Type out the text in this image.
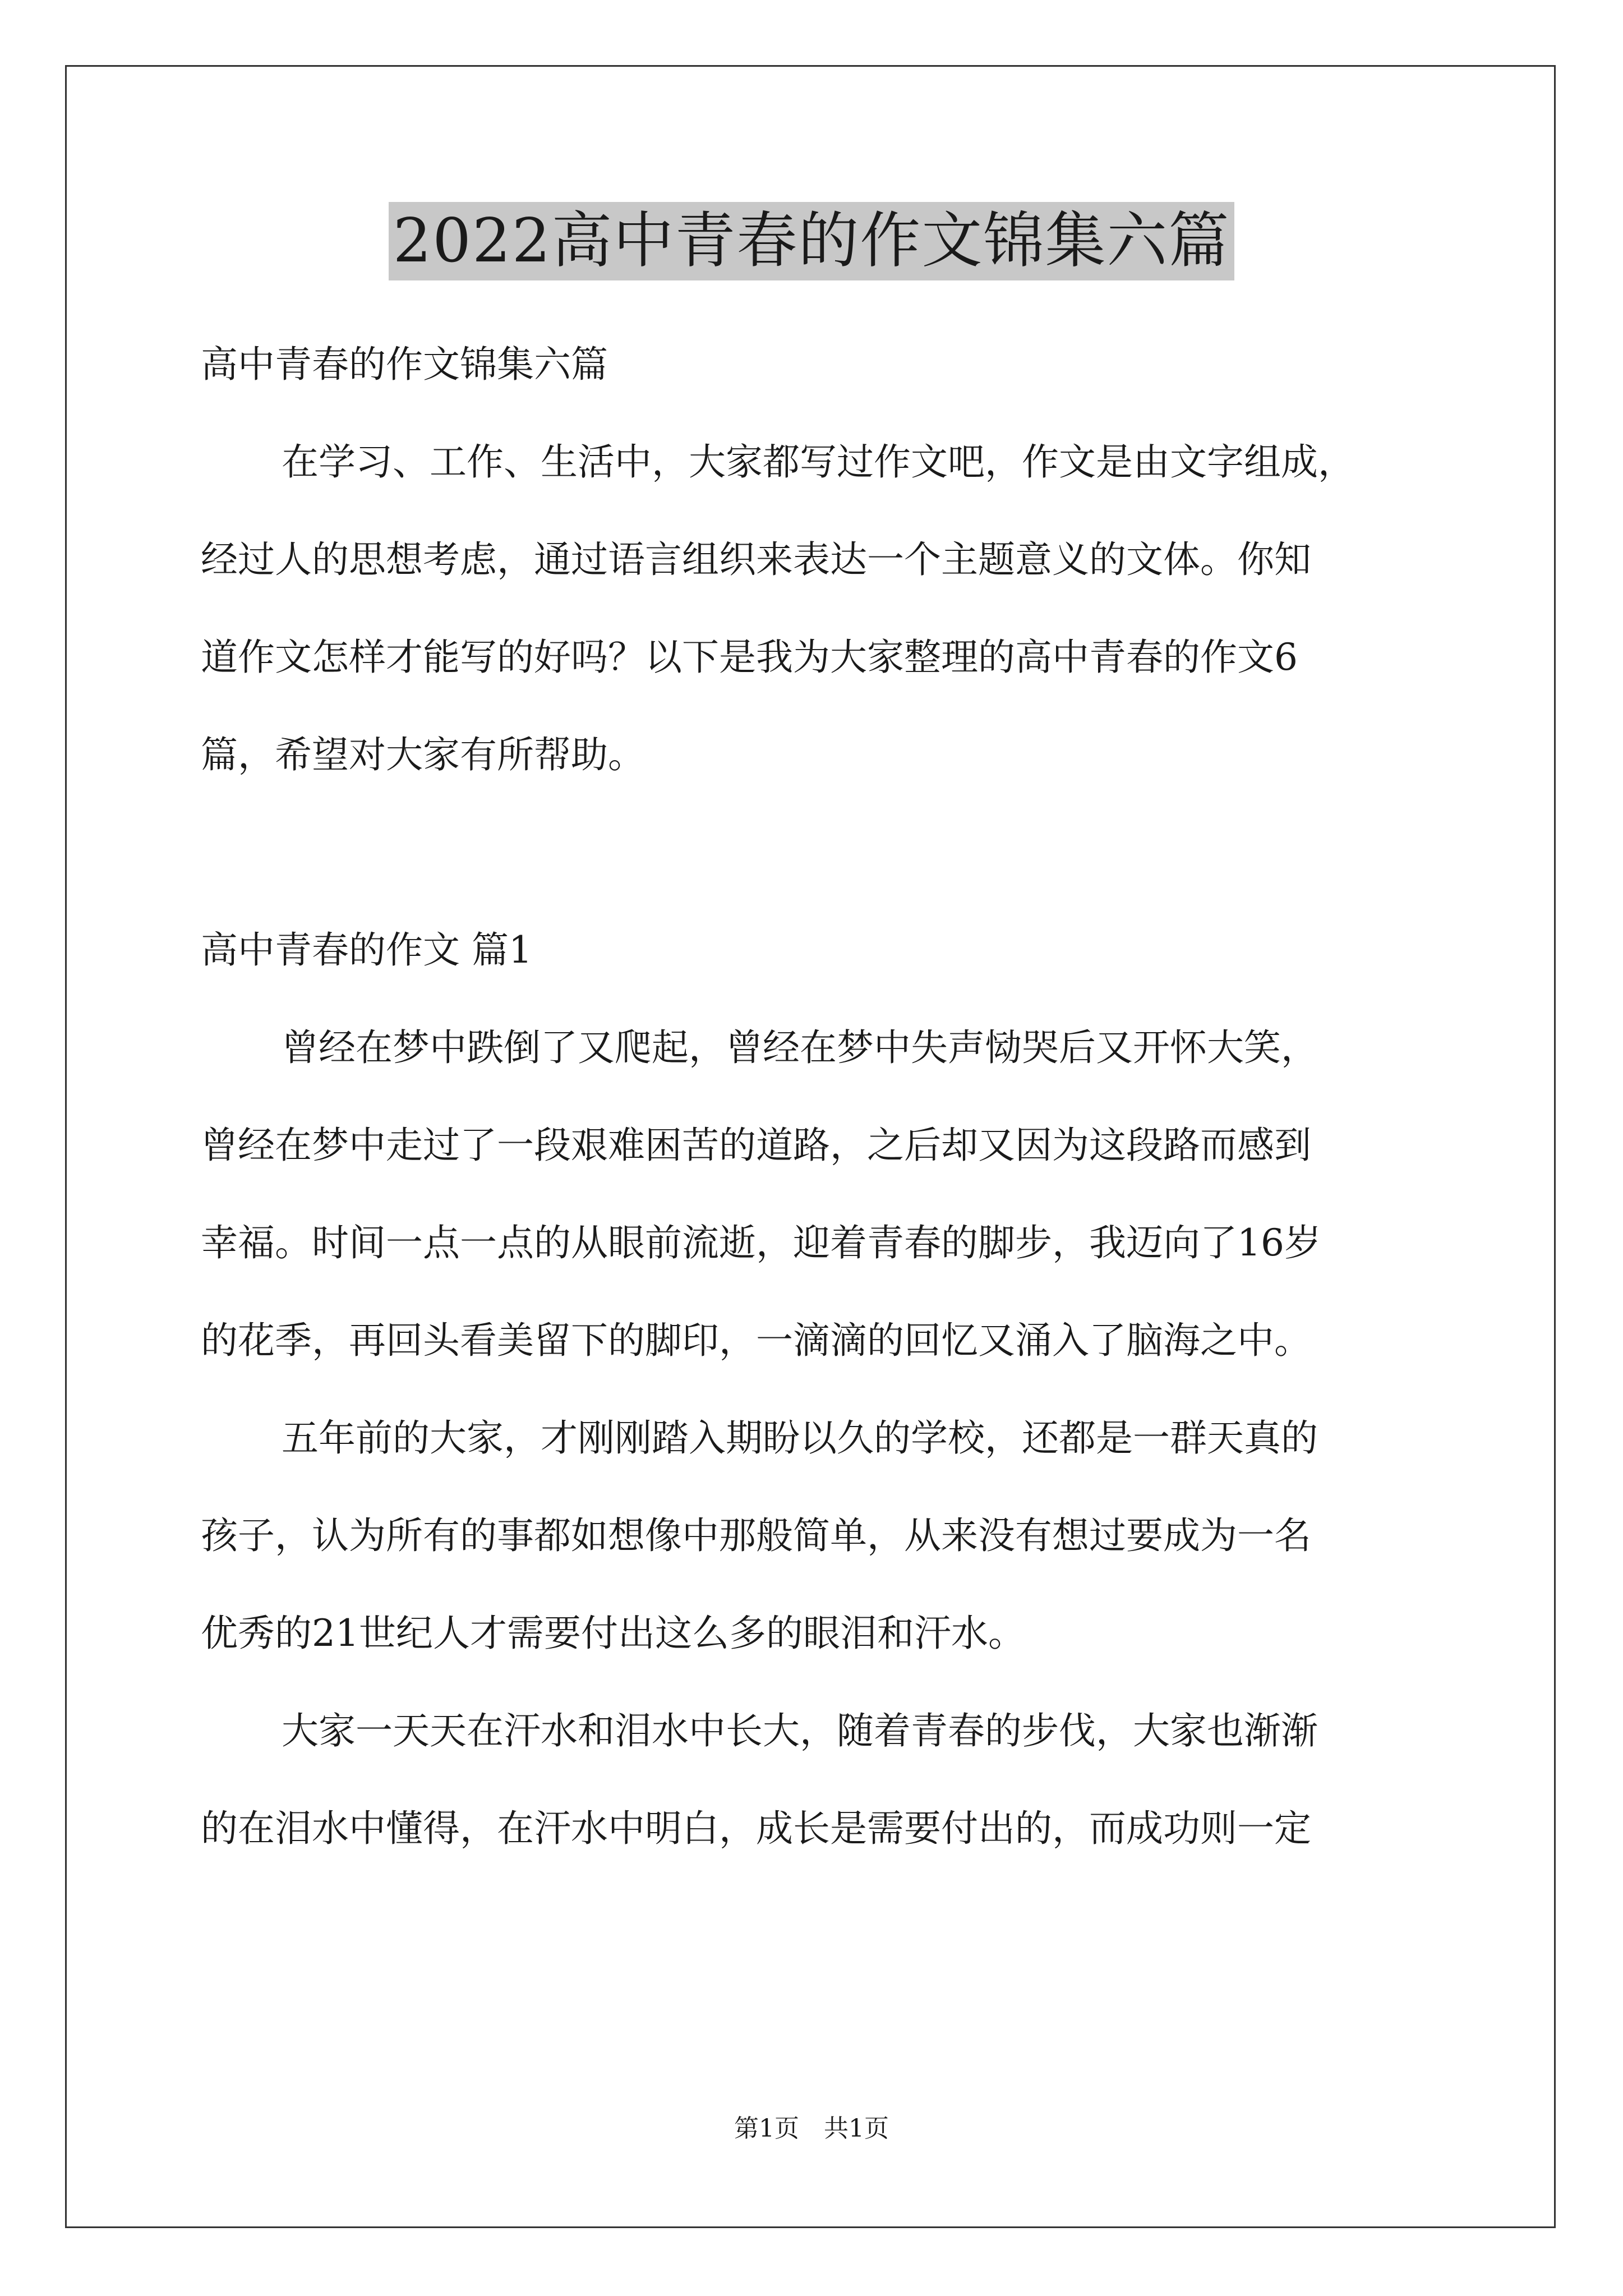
2022高中青春的作文锦集六篇
高中青春的作文锦集六篇
在学习、工作、生活中，大家都写过作文吧，作文是由文字组成，
经过人的思想考虑，通过语言组织来表达一个主题意义的文体。你知
道作文怎样才能写的好吗？以下是我为大家整理的高中青春的作文6
篇，希望对大家有所帮助。
高中青春的作文 篇1
曾经在梦中跌倒了又爬起，曾经在梦中失声恸哭后又开怀大笑，
曾经在梦中走过了一段艰难困苦的道路，之后却又因为这段路而感到
幸福。时间一点一点的从眼前流逝，迎着青春的脚步，我迈向了16岁
的花季，再回头看美留下的脚印，一滴滴的回忆又涌入了脑海之中。
五年前的大家，才刚刚踏入期盼以久的学校，还都是一群天真的
孩子，认为所有的事都如想像中那般简单，从来没有想过要成为一名
优秀的21世纪人才需要付出这么多的眼泪和汗水。
大家一天天在汗水和泪水中长大，随着青春的步伐，大家也渐渐
的在泪水中懂得，在汗水中明白，成长是需要付出的，而成功则一定
第1页　共1页
